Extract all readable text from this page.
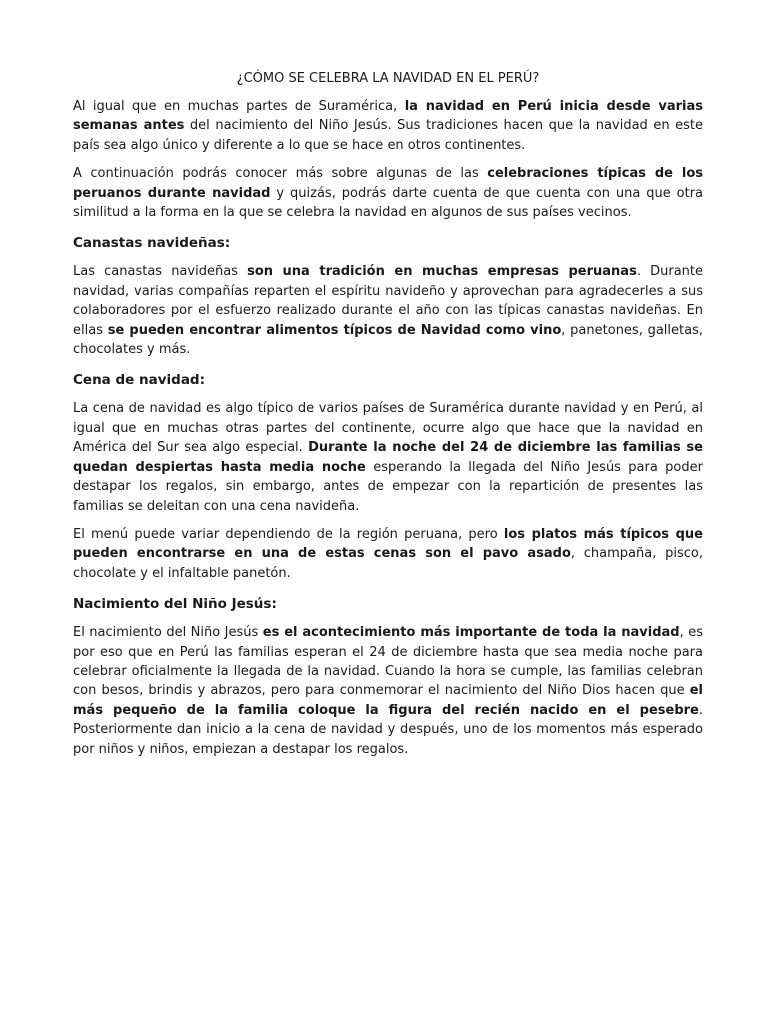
¿CÓMO SE CELEBRA LA NAVIDAD EN EL PERÚ?

Al igual que en muchas partes de Suramérica, la navidad en Perú inicia desde varias semanas antes del nacimiento del Niño Jesús. Sus tradiciones hacen que la navidad en este país sea algo único y diferente a lo que se hace en otros continentes.

A continuación podrás conocer más sobre algunas de las celebraciones típicas de los peruanos durante navidad y quizás, podrás darte cuenta de que cuenta con una que otra similitud a la forma en la que se celebra la navidad en algunos de sus países vecinos.

Canastas navideñas:

Las canastas navideñas son una tradición en muchas empresas peruanas. Durante navidad, varias compañías reparten el espíritu navideño y aprovechan para agradecerles a sus colaboradores por el esfuerzo realizado durante el año con las típicas canastas navideñas. En ellas se pueden encontrar alimentos típicos de Navidad como vino, panetones, galletas, chocolates y más.

Cena de navidad:

La cena de navidad es algo típico de varios países de Suramérica durante navidad y en Perú, al igual que en muchas otras partes del continente, ocurre algo que hace que la navidad en América del Sur sea algo especial. Durante la noche del 24 de diciembre las familias se quedan despiertas hasta media noche esperando la llegada del Niño Jesús para poder destapar los regalos, sin embargo, antes de empezar con la repartición de presentes las familias se deleitan con una cena navideña.

El menú puede variar dependiendo de la región peruana, pero los platos más típicos que pueden encontrarse en una de estas cenas son el pavo asado, champaña, pisco, chocolate y el infaltable panetón.

Nacimiento del Niño Jesús:

El nacimiento del Niño Jesús es el acontecimiento más importante de toda la navidad, es por eso que en Perú las familias esperan el 24 de diciembre hasta que sea media noche para celebrar oficialmente la llegada de la navidad. Cuando la hora se cumple, las familias celebran con besos, brindis y abrazos, pero para conmemorar el nacimiento del Niño Dios hacen que el más pequeño de la familia coloque la figura del recién nacido en el pesebre. Posteriormente dan inicio a la cena de navidad y después, uno de los momentos más esperado por niños y niños, empiezan a destapar los regalos.
